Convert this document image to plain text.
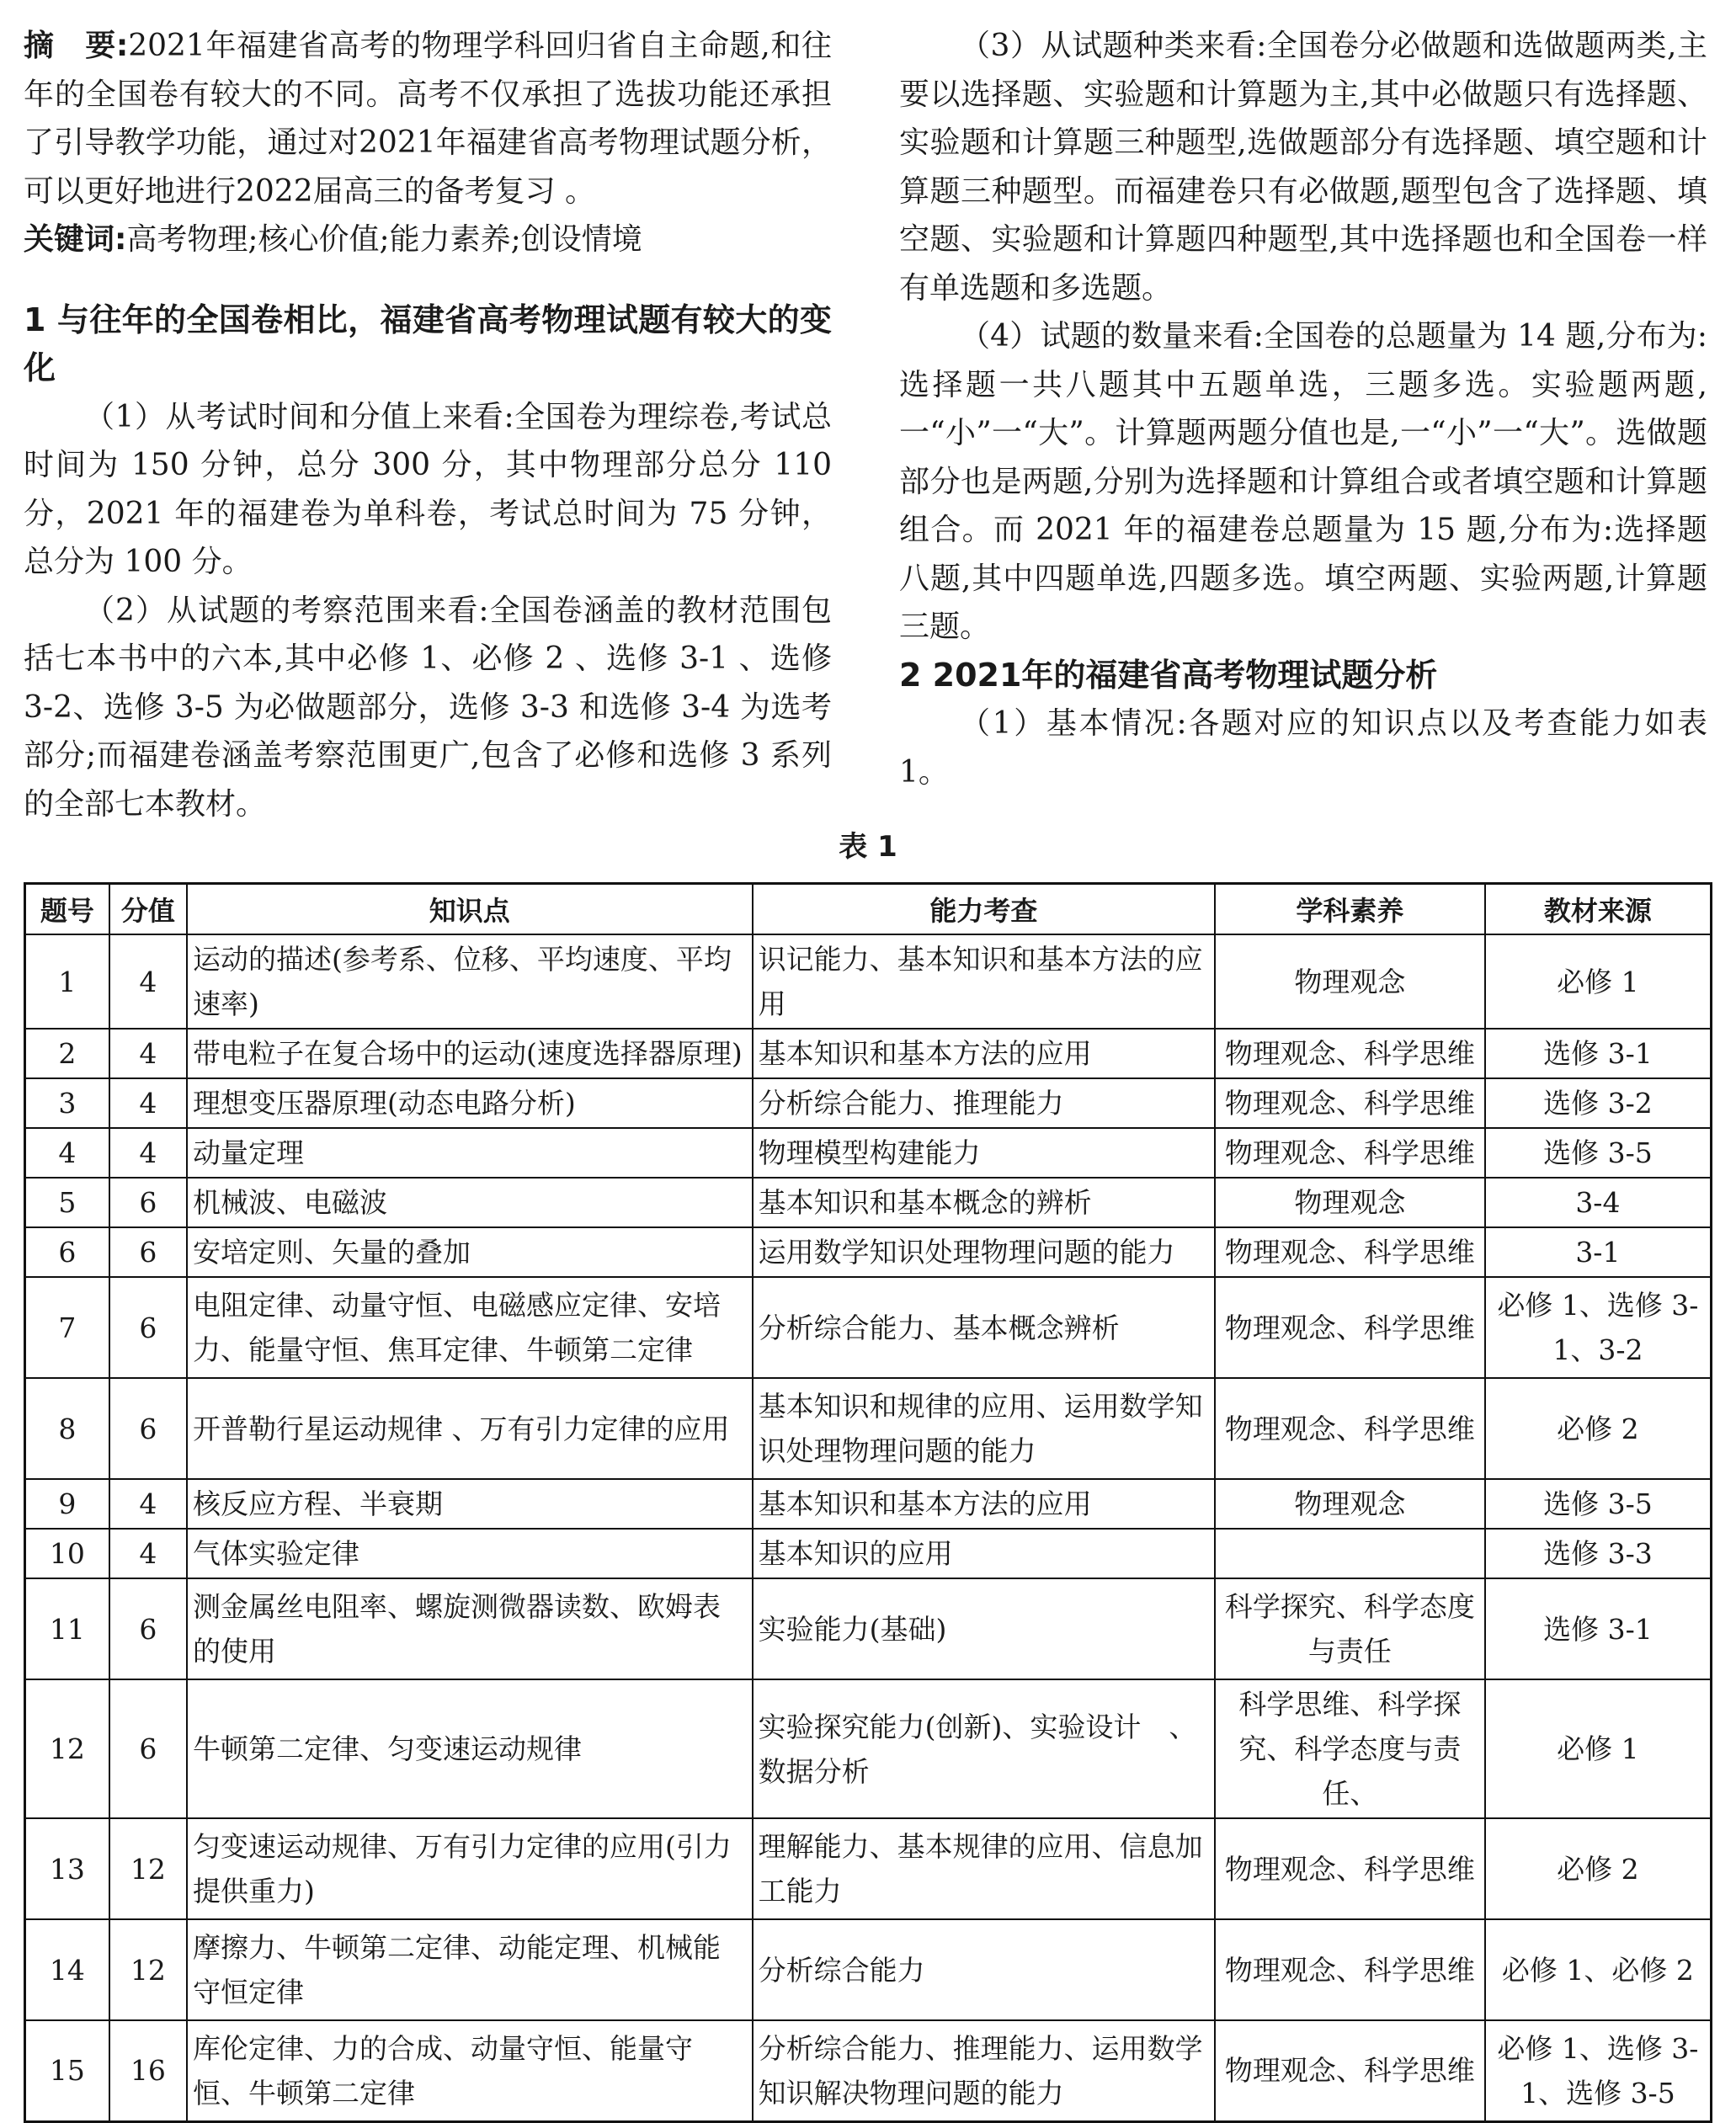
摘　要:2021年福建省高考的物理学科回归省自主命题,和往年的全国卷有较大的不同。高考不仅承担了选拔功能还承担了引导教学功能，通过对2021年福建省高考物理试题分析，可以更好地进行2022届高三的备考复习 。

关键词:高考物理;核心价值;能力素养;创设情境

1 与往年的全国卷相比，福建省高考物理试题有较大的变化

（1）从考试时间和分值上来看:全国卷为理综卷,考试总时间为 150 分钟，总分 300 分，其中物理部分总分 110 分，2021 年的福建卷为单科卷，考试总时间为 75 分钟，总分为 100 分。

（2）从试题的考察范围来看:全国卷涵盖的教材范围包括七本书中的六本,其中必修 1、必修 2 、选修 3-1 、选修 3-2、选修 3-5 为必做题部分，选修 3-3 和选修 3-4 为选考部分;而福建卷涵盖考察范围更广,包含了必修和选修 3 系列的全部七本教材。

（3）从试题种类来看:全国卷分必做题和选做题两类,主要以选择题、实验题和计算题为主,其中必做题只有选择题、实验题和计算题三种题型,选做题部分有选择题、填空题和计算题三种题型。而福建卷只有必做题,题型包含了选择题、填空题、实验题和计算题四种题型,其中选择题也和全国卷一样有单选题和多选题。

（4）试题的数量来看:全国卷的总题量为 14 题,分布为:选择题一共八题其中五题单选，三题多选。实验题两题,一“小”一“大”。计算题两题分值也是,一“小”一“大”。选做题部分也是两题,分别为选择题和计算组合或者填空题和计算题组合。而 2021 年的福建卷总题量为 15 题,分布为:选择题八题,其中四题单选,四题多选。填空两题、实验两题,计算题三题。

2 2021年的福建省高考物理试题分析

（1）基本情况:各题对应的知识点以及考查能力如表 1。

表 1
题号	分值	知识点	能力考查	学科素养	教材来源
1	4	运动的描述(参考系、位移、平均速度、平均速率)	识记能力、基本知识和基本方法的应用	物理观念	必修 1
2	4	带电粒子在复合场中的运动(速度选择器原理)	基本知识和基本方法的应用	物理观念、科学思维	选修 3-1
3	4	理想变压器原理(动态电路分析)	分析综合能力、推理能力	物理观念、科学思维	选修 3-2
4	4	动量定理	物理模型构建能力	物理观念、科学思维	选修 3-5
5	6	机械波、电磁波	基本知识和基本概念的辨析	物理观念	3-4
6	6	安培定则、矢量的叠加	运用数学知识处理物理问题的能力	物理观念、科学思维	3-1
7	6	电阻定律、动量守恒、电磁感应定律、安培力、能量守恒、焦耳定律、牛顿第二定律	分析综合能力、基本概念辨析	物理观念、科学思维	必修 1、选修 3-1、3-2
8	6	开普勒行星运动规律 、万有引力定律的应用	基本知识和规律的应用、运用数学知识处理物理问题的能力	物理观念、科学思维	必修 2
9	4	核反应方程、半衰期	基本知识和基本方法的应用	物理观念	选修 3-5
10	4	气体实验定律	基本知识的应用		选修 3-3
11	6	测金属丝电阻率、螺旋测微器读数、欧姆表的使用	实验能力(基础)	科学探究、科学态度与责任	选修 3-1
12	6	牛顿第二定律、匀变速运动规律	实验探究能力(创新)、实验设计　、数据分析	科学思维、科学探究、科学态度与责任、	必修 1
13	12	匀变速运动规律、万有引力定律的应用(引力提供重力)	理解能力、基本规律的应用、信息加工能力	物理观念、科学思维	必修 2
14	12	摩擦力、牛顿第二定律、动能定理、机械能守恒定律	分析综合能力	物理观念、科学思维	必修 1、必修 2
15	16	库伦定律、力的合成、动量守恒、能量守恒、牛顿第二定律	分析综合能力、推理能力、运用数学知识解决物理问题的能力	物理观念、科学思维	必修 1、选修 3-1、选修 3-5
